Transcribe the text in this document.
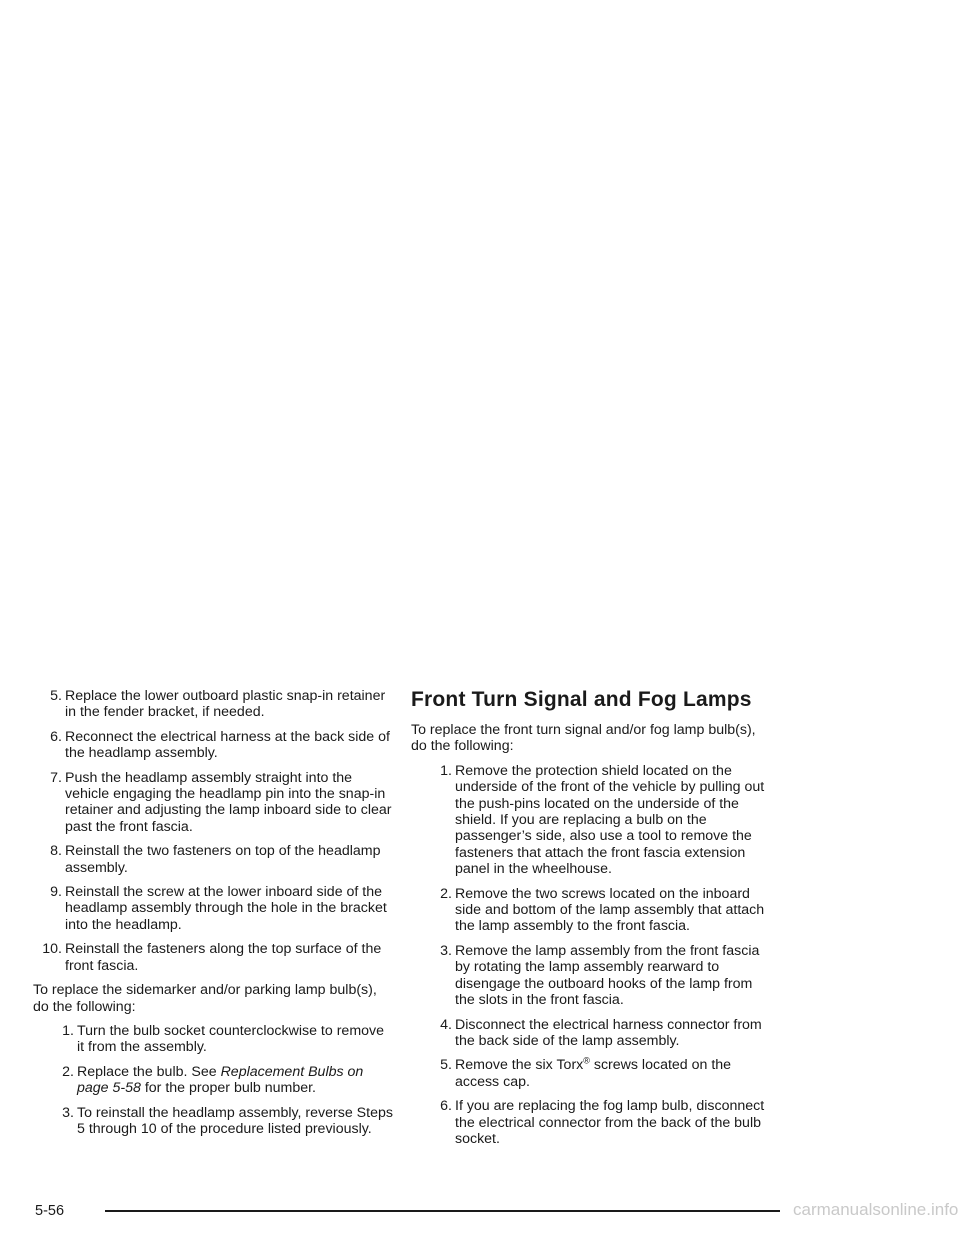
5. Replace the lower outboard plastic snap-in retainer in the fender bracket, if needed.
6. Reconnect the electrical harness at the back side of the headlamp assembly.
7. Push the headlamp assembly straight into the vehicle engaging the headlamp pin into the snap-in retainer and adjusting the lamp inboard side to clear past the front fascia.
8. Reinstall the two fasteners on top of the headlamp assembly.
9. Reinstall the screw at the lower inboard side of the headlamp assembly through the hole in the bracket into the headlamp.
10. Reinstall the fasteners along the top surface of the front fascia.
To replace the sidemarker and/or parking lamp bulb(s), do the following:
1. Turn the bulb socket counterclockwise to remove it from the assembly.
2. Replace the bulb. See Replacement Bulbs on page 5-58 for the proper bulb number.
3. To reinstall the headlamp assembly, reverse Steps 5 through 10 of the procedure listed previously.
Front Turn Signal and Fog Lamps
To replace the front turn signal and/or fog lamp bulb(s), do the following:
1. Remove the protection shield located on the underside of the front of the vehicle by pulling out the push-pins located on the underside of the shield. If you are replacing a bulb on the passenger’s side, also use a tool to remove the fasteners that attach the front fascia extension panel in the wheelhouse.
2. Remove the two screws located on the inboard side and bottom of the lamp assembly that attach the lamp assembly to the front fascia.
3. Remove the lamp assembly from the front fascia by rotating the lamp assembly rearward to disengage the outboard hooks of the lamp from the slots in the front fascia.
4. Disconnect the electrical harness connector from the back side of the lamp assembly.
5. Remove the six Torx® screws located on the access cap.
6. If you are replacing the fog lamp bulb, disconnect the electrical connector from the back of the bulb socket.
5-56	carmanualsonline.info
